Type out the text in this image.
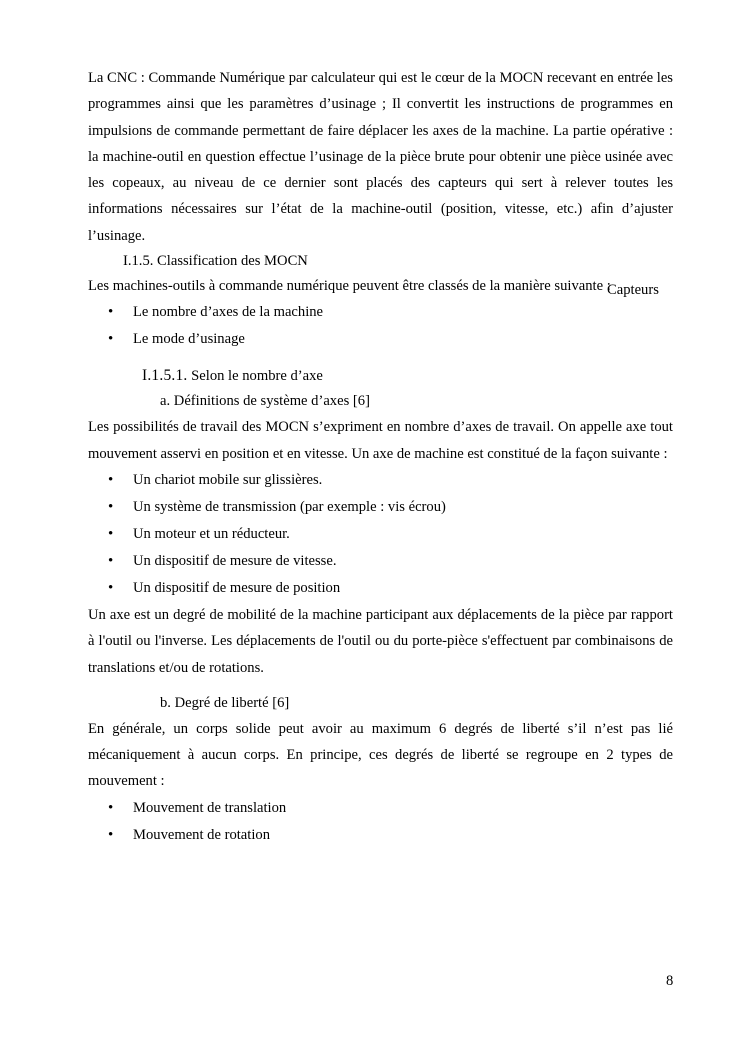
La CNC : Commande Numérique par calculateur qui est le cœur de la MOCN recevant en entrée les programmes ainsi que les paramètres d’usinage ; Il convertit les instructions de programmes en impulsions de commande permettant de faire déplacer les axes de la machine. La partie opérative : la machine-outil en question effectue l’usinage de la pièce brute pour obtenir une pièce usinée avec les copeaux, au niveau de ce dernier sont placés des capteurs qui sert à relever toutes les informations nécessaires sur l’état de la machine-outil (position, vitesse, etc.) afin d’ajuster l’usinage.

I.1.5. Classification des MOCN

Les machines-outils à commande numérique peuvent être classés de la manière suivante :

• Le nombre d’axes de la machine
• Le mode d’usinage

I.1.5.1. Selon le nombre d’axe

a. Définitions de système d’axes [6]

Les possibilités de travail des MOCN s’expriment en nombre d’axes de travail. On appelle axe tout mouvement asservi en position et en vitesse. Un axe de machine est constitué de la façon suivante :

• Un chariot mobile sur glissières.
• Un système de transmission (par exemple : vis écrou)
• Un moteur et un réducteur.
• Un dispositif de mesure de vitesse.
• Un dispositif de mesure de position

Un axe est un degré de mobilité de la machine participant aux déplacements de la pièce par rapport à l'outil ou l'inverse. Les déplacements de l'outil ou du porte-pièce s'effectuent par combinaisons de translations et/ou de rotations.

b. Degré de liberté [6]

En générale, un corps solide peut avoir au maximum 6 degrés de liberté s’il n’est pas lié mécaniquement à aucun corps. En principe, ces degrés de liberté se regroupe en 2 types de mouvement :

• Mouvement de translation
• Mouvement de rotation
Capteurs
8
